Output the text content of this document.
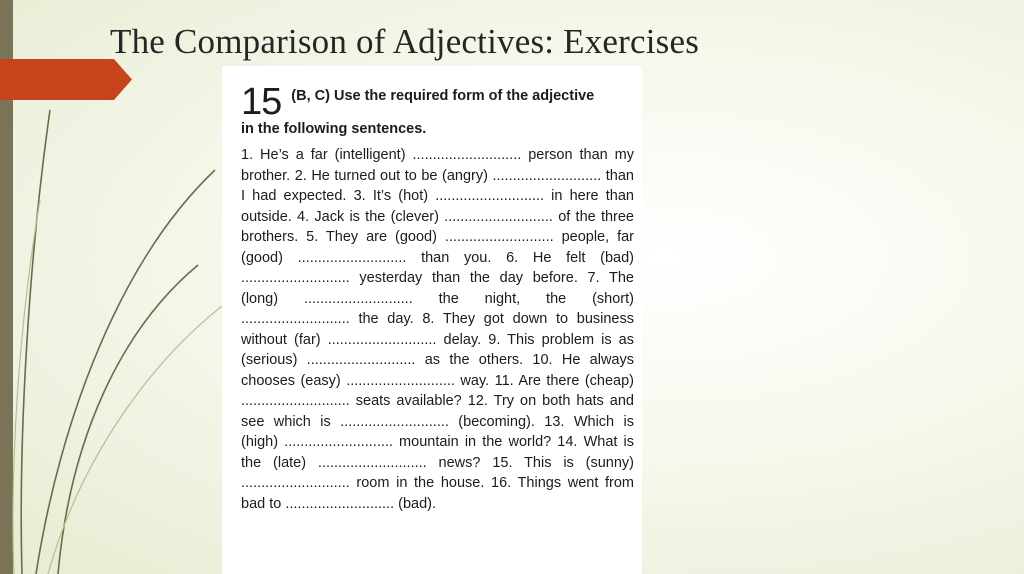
The Comparison of Adjectives: Exercises
15 (B, C) Use the required form of the adjective
in the following sentences.
1. He’s a far (intelligent) ........................... person than my brother. 2. He turned out to be (angry) ........................... than I had expected. 3. It’s (hot) ........................... in here than outside. 4. Jack is the (clever) ........................... of the three brothers. 5. They are (good) ........................... people, far (good) ........................... than you. 6. He felt (bad) ........................... yesterday than the day before. 7. The (long) ........................... the night, the (short) ........................... the day. 8. They got down to business without (far) ........................... delay. 9. This problem is as (serious) ........................... as the others. 10. He always chooses (easy) ........................... way. 11. Are there (cheap) ........................... seats available? 12. Try on both hats and see which is ........................... (becoming). 13. Which is (high) ........................... mountain in the world? 14. What is the (late) ........................... news? 15. This is (sunny) ........................... room in the house. 16. Things went from bad to ........................... (bad).
